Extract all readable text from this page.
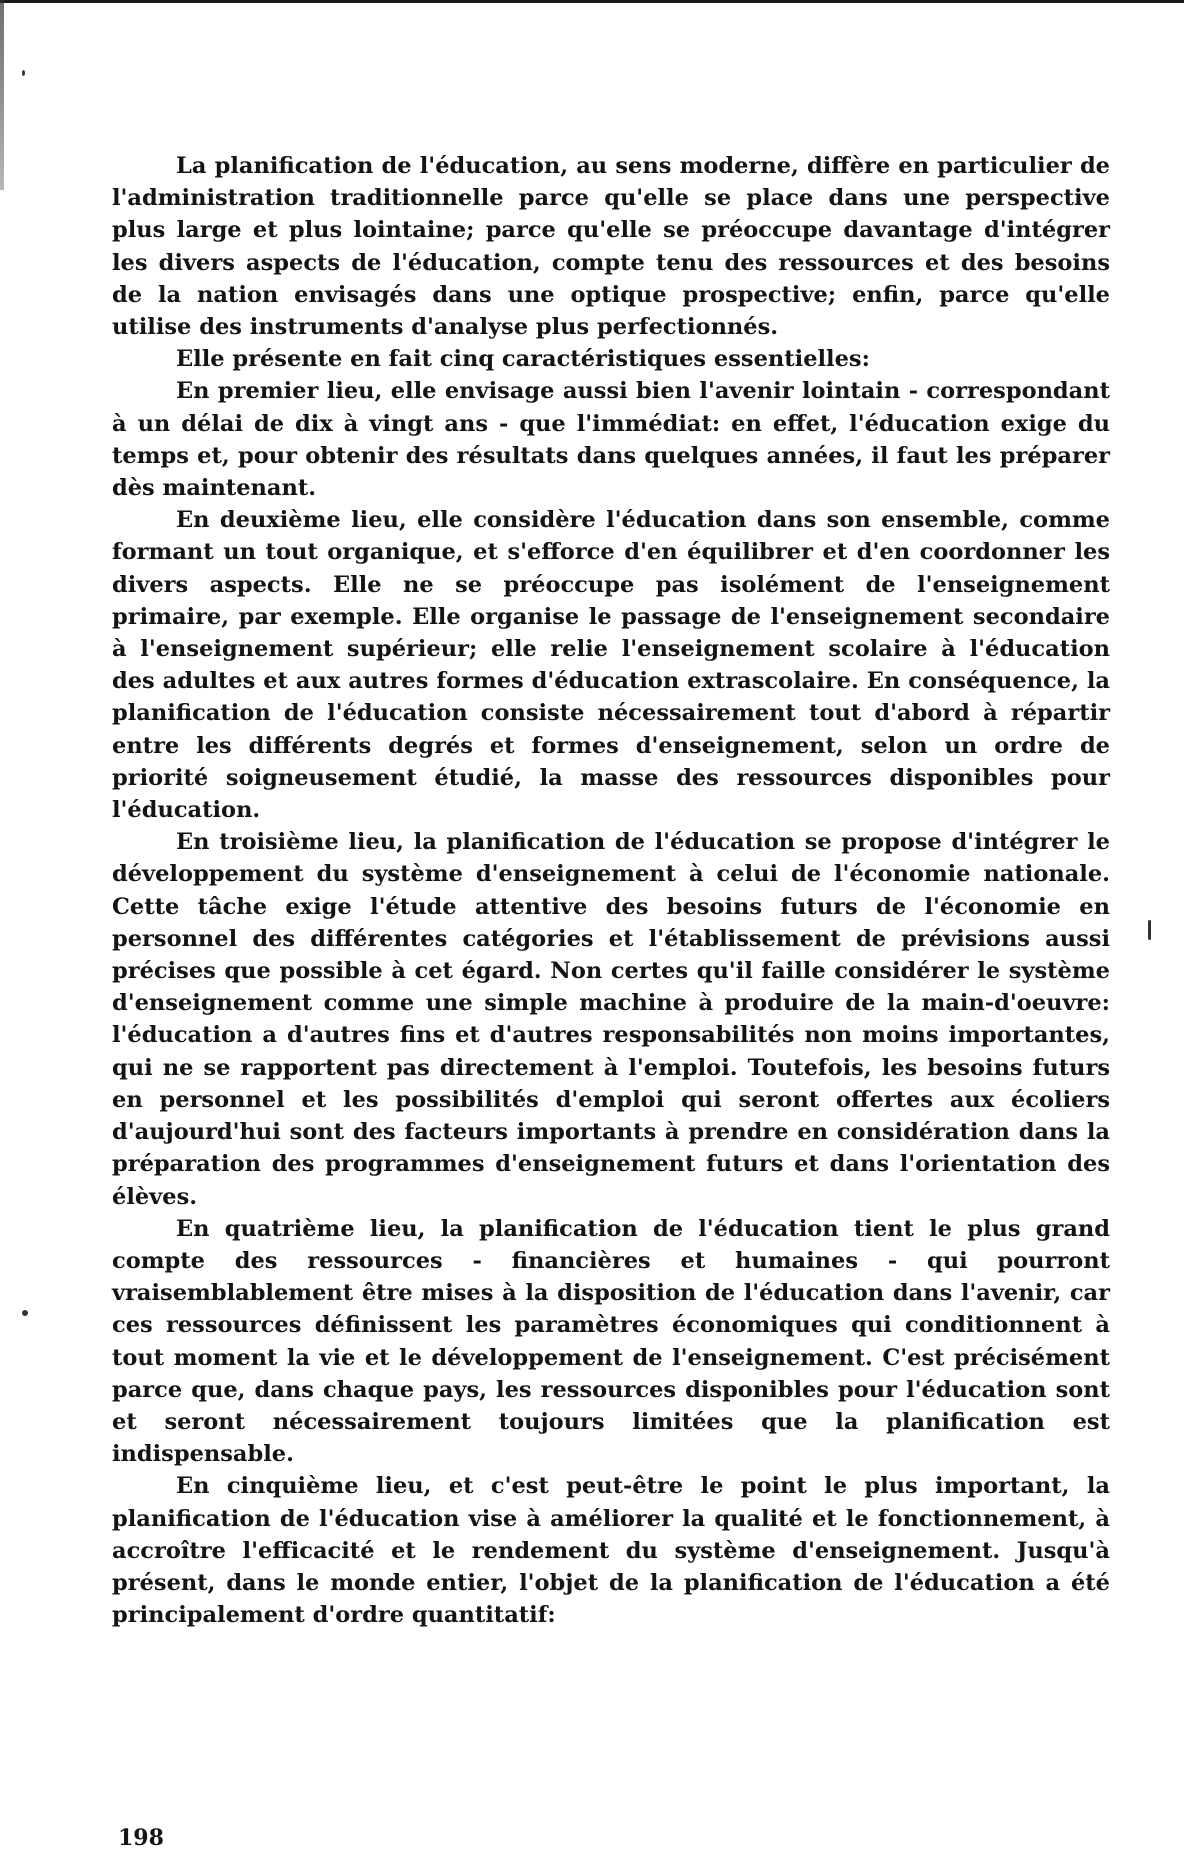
La planification de l'éducation, au sens moderne, diffère en particulier de l'administration traditionnelle parce qu'elle se place dans une perspective plus large et plus lointaine; parce qu'elle se préoccupe davantage d'intégrer les divers aspects de l'éducation, compte tenu des ressources et des besoins de la nation envisagés dans une optique prospective; enfin, parce qu'elle utilise des instruments d'analyse plus perfectionnés.

Elle présente en fait cinq caractéristiques essentielles:

En premier lieu, elle envisage aussi bien l'avenir lointain - correspondant à un délai de dix à vingt ans - que l'immédiat: en effet, l'éducation exige du temps et, pour obtenir des résultats dans quelques années, il faut les préparer dès maintenant.

En deuxième lieu, elle considère l'éducation dans son ensemble, comme formant un tout organique, et s'efforce d'en équilibrer et d'en coordonner les divers aspects. Elle ne se préoccupe pas isolément de l'enseignement primaire, par exemple. Elle organise le passage de l'enseignement secondaire à l'enseignement supérieur; elle relie l'enseignement scolaire à l'éducation des adultes et aux autres formes d'éducation extrascolaire. En conséquence, la planification de l'éducation consiste nécessairement tout d'abord à répartir entre les différents degrés et formes d'enseignement, selon un ordre de priorité soigneusement étudié, la masse des ressources disponibles pour l'éducation.

En troisième lieu, la planification de l'éducation se propose d'intégrer le développement du système d'enseignement à celui de l'économie nationale. Cette tâche exige l'étude attentive des besoins futurs de l'économie en personnel des différentes catégories et l'établissement de prévisions aussi précises que possible à cet égard. Non certes qu'il faille considérer le système d'enseignement comme une simple machine à produire de la main-d'oeuvre: l'éducation a d'autres fins et d'autres responsabilités non moins importantes, qui ne se rapportent pas directement à l'emploi. Toutefois, les besoins futurs en personnel et les possibilités d'emploi qui seront offertes aux écoliers d'aujourd'hui sont des facteurs importants à prendre en considération dans la préparation des programmes d'enseignement futurs et dans l'orientation des élèves.

En quatrième lieu, la planification de l'éducation tient le plus grand compte des ressources - financières et humaines - qui pourront vraisemblablement être mises à la disposition de l'éducation dans l'avenir, car ces ressources définissent les paramètres économiques qui conditionnent à tout moment la vie et le développement de l'enseignement. C'est précisément parce que, dans chaque pays, les ressources disponibles pour l'éducation sont et seront nécessairement toujours limitées que la planification est indispensable.

En cinquième lieu, et c'est peut-être le point le plus important, la planification de l'éducation vise à améliorer la qualité et le fonctionnement, à accroître l'efficacité et le rendement du système d'enseignement. Jusqu'à présent, dans le monde entier, l'objet de la planification de l'éducation a été principalement d'ordre quantitatif:

198
